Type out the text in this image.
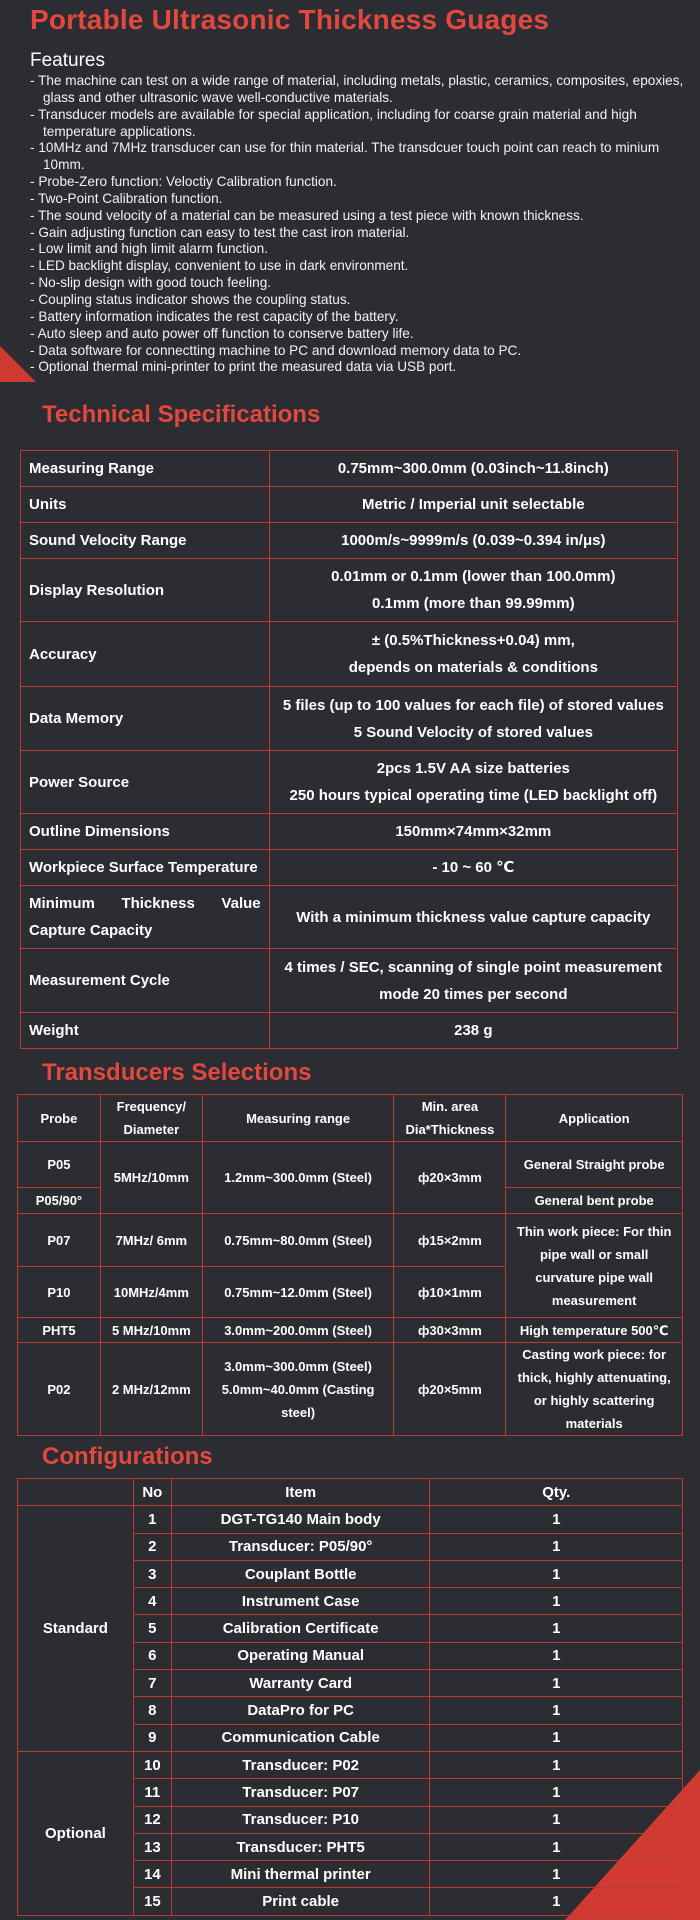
Portable Ultrasonic Thickness Guages
Features
- The machine can test on a wide range of material, including metals, plastic, ceramics, composites, epoxies, glass and other ultrasonic wave well-conductive materials.
- Transducer models are available for special application, including for coarse grain material and high temperature applications.
- 10MHz and 7MHz transducer can use for thin material. The transdcuer touch point can reach to minium 10mm.
- Probe-Zero function: Veloctiy Calibration function.
- Two-Point Calibration function.
- The sound velocity of a material can be measured using a test piece with known thickness.
- Gain adjusting function can easy to test the cast iron material.
- Low limit and high limit alarm function.
- LED backlight display, convenient to use in dark environment.
- No-slip design with good touch feeling.
- Coupling status indicator shows the coupling status.
- Battery information indicates the rest capacity of the battery.
- Auto sleep and auto power off function to conserve battery life.
- Data software for connectting machine to PC and download memory data to PC.
- Optional thermal mini-printer to print the measured data via USB port.
Technical Specifications
Measuring Range	0.75mm~300.0mm (0.03inch~11.8inch)

Units	Metric / Imperial unit selectable

Sound Velocity Range	1000m/s~9999m/s (0.039~0.394 in/μs)

Display Resolution	0.01mm or 0.1mm (lower than 100.0mm)
0.1mm (more than 99.99mm)

Accuracy	± (0.5%Thickness+0.04) mm,
depends on materials & conditions

Data Memory	5 files (up to 100 values for each file) of stored values
5 Sound Velocity of stored values

Power Source	2pcs 1.5V AA size batteries
250 hours typical operating time (LED backlight off)

Outline Dimensions	150mm×74mm×32mm

Workpiece Surface Temperature	- 10 ~ 60 ℃

Minimum Thickness Value Capture Capacity	With a minimum thickness value capture capacity

Measurement Cycle	4 times / SEC, scanning of single point measurement
mode 20 times per second

Weight	238 g
Transducers Selections
Probe	Frequency/ Diameter	Measuring range	Min. area Dia*Thickness	Application
P05	5MHz/10mm	1.2mm~300.0mm (Steel)	ф20×3mm	General Straight probe
P05/90°				General bent probe
P07	7MHz/ 6mm	0.75mm~80.0mm (Steel)	ф15×2mm	Thin work piece: For thin pipe wall or small curvature pipe wall measurement
P10	10MHz/4mm	0.75mm~12.0mm (Steel)	ф10×1mm	
PHT5	5 MHz/10mm	3.0mm~200.0mm (Steel)	ф30×3mm	High temperature 500℃
P02	2 MHz/12mm	3.0mm~300.0mm (Steel) 5.0mm~40.0mm (Casting steel)	ф20×5mm	Casting work piece: for thick, highly attenuating, or highly scattering materials
Configurations
	No	Item	Qty.
Standard	1	DGT-TG140 Main body	1
	2	Transducer: P05/90°	1
	3	Couplant Bottle	1
	4	Instrument Case	1
	5	Calibration Certificate	1
	6	Operating Manual	1
	7	Warranty Card	1
	8	DataPro for PC	1
	9	Communication Cable	1
Optional	10	Transducer: P02	1
	11	Transducer: P07	1
	12	Transducer: P10	1
	13	Transducer: PHT5	1
	14	Mini thermal printer	1
	15	Print cable	1
